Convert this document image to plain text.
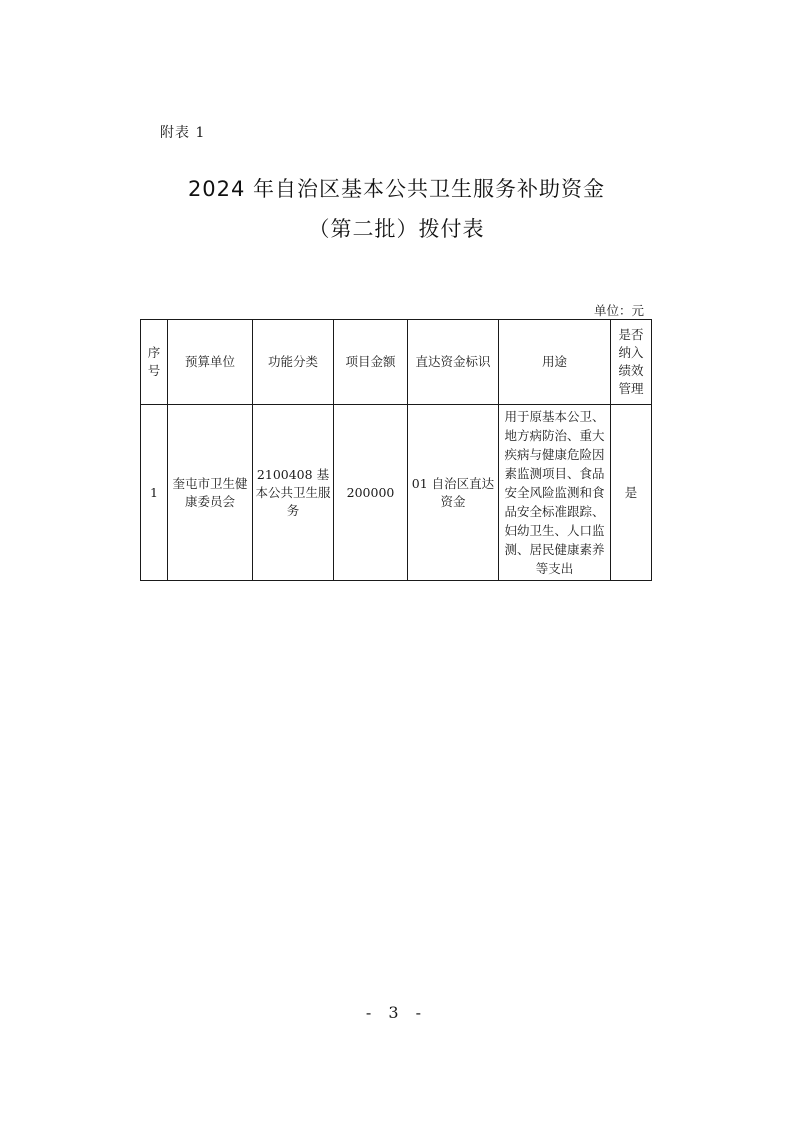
附表 1
2024 年自治区基本公共卫生服务补助资金
（第二批）拨付表
单位：元
序号	预算单位	功能分类	项目金额	直达资金标识	用途	是否纳入绩效管理
1	奎屯市卫生健康委员会	2100408 基本公共卫生服务	200000	01 自治区直达资金	用于原基本公卫、地方病防治、重大疾病与健康危险因素监测项目、食品安全风险监测和食品安全标准跟踪、妇幼卫生、人口监测、居民健康素养等支出	是
- 3 -
